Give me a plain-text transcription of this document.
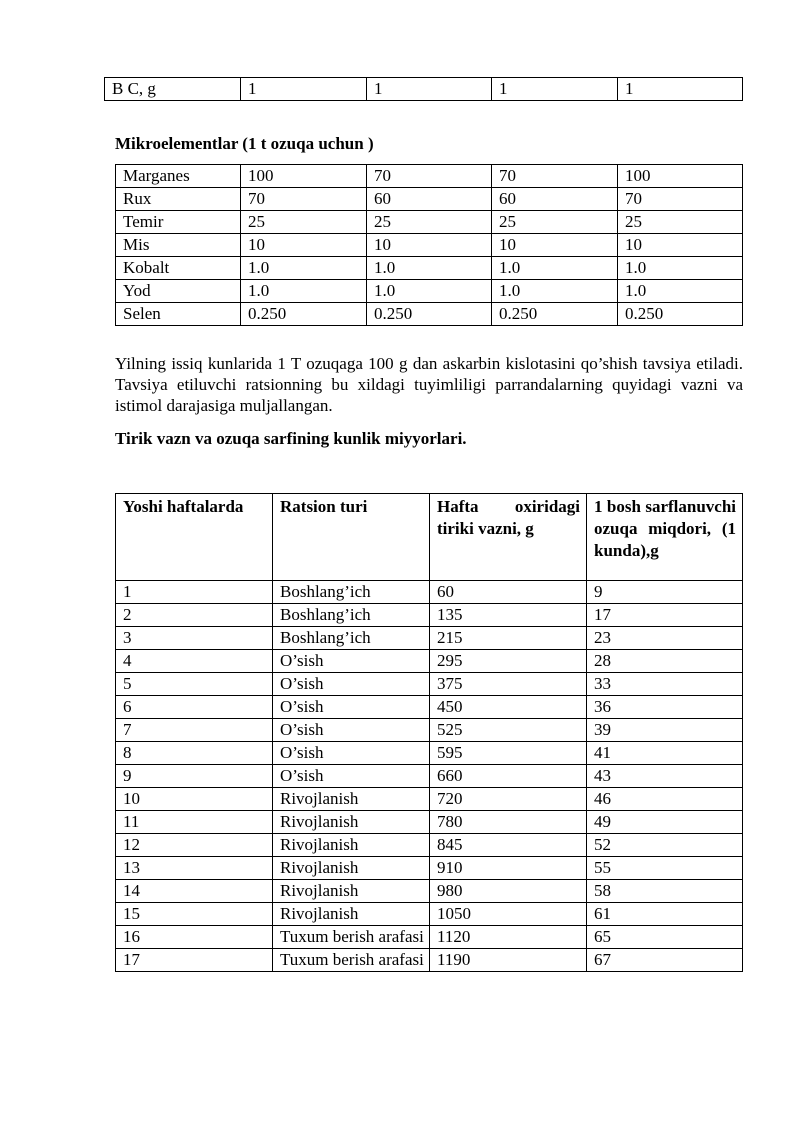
B C, g	1	1	1	1
Mikroelementlar (1 t ozuqa uchun )
Marganes	100	70	70	100
Rux	70	60	60	70
Temir	25	25	25	25
Mis	10	10	10	10
Kobalt	1.0	1.0	1.0	1.0
Yod	1.0	1.0	1.0	1.0
Selen	0.250	0.250	0.250	0.250
Yilning issiq kunlarida 1 T ozuqaga 100 g dan askarbin kislotasini qo’shish tavsiya etiladi. Tavsiya etiluvchi ratsionning bu xildagi tuyimliligi parrandalarning quyidagi vazni va istimol darajasiga muljallangan.
Tirik vazn va ozuqa sarfining kunlik miyyorlari.
Yoshi haftalarda	Ratsion turi	Hafta oxiridagi tiriki vazni, g	1 bosh sarflanuvchi ozuqa miqdori, (1 kunda),g
1	Boshlang’ich	60	9
2	Boshlang’ich	135	17
3	Boshlang’ich	215	23
4	O’sish	295	28
5	O’sish	375	33
6	O’sish	450	36
7	O’sish	525	39
8	O’sish	595	41
9	O’sish	660	43
10	Rivojlanish	720	46
11	Rivojlanish	780	49
12	Rivojlanish	845	52
13	Rivojlanish	910	55
14	Rivojlanish	980	58
15	Rivojlanish	1050	61
16	Tuxum berish arafasi	1120	65
17	Tuxum berish arafasi	1190	67
